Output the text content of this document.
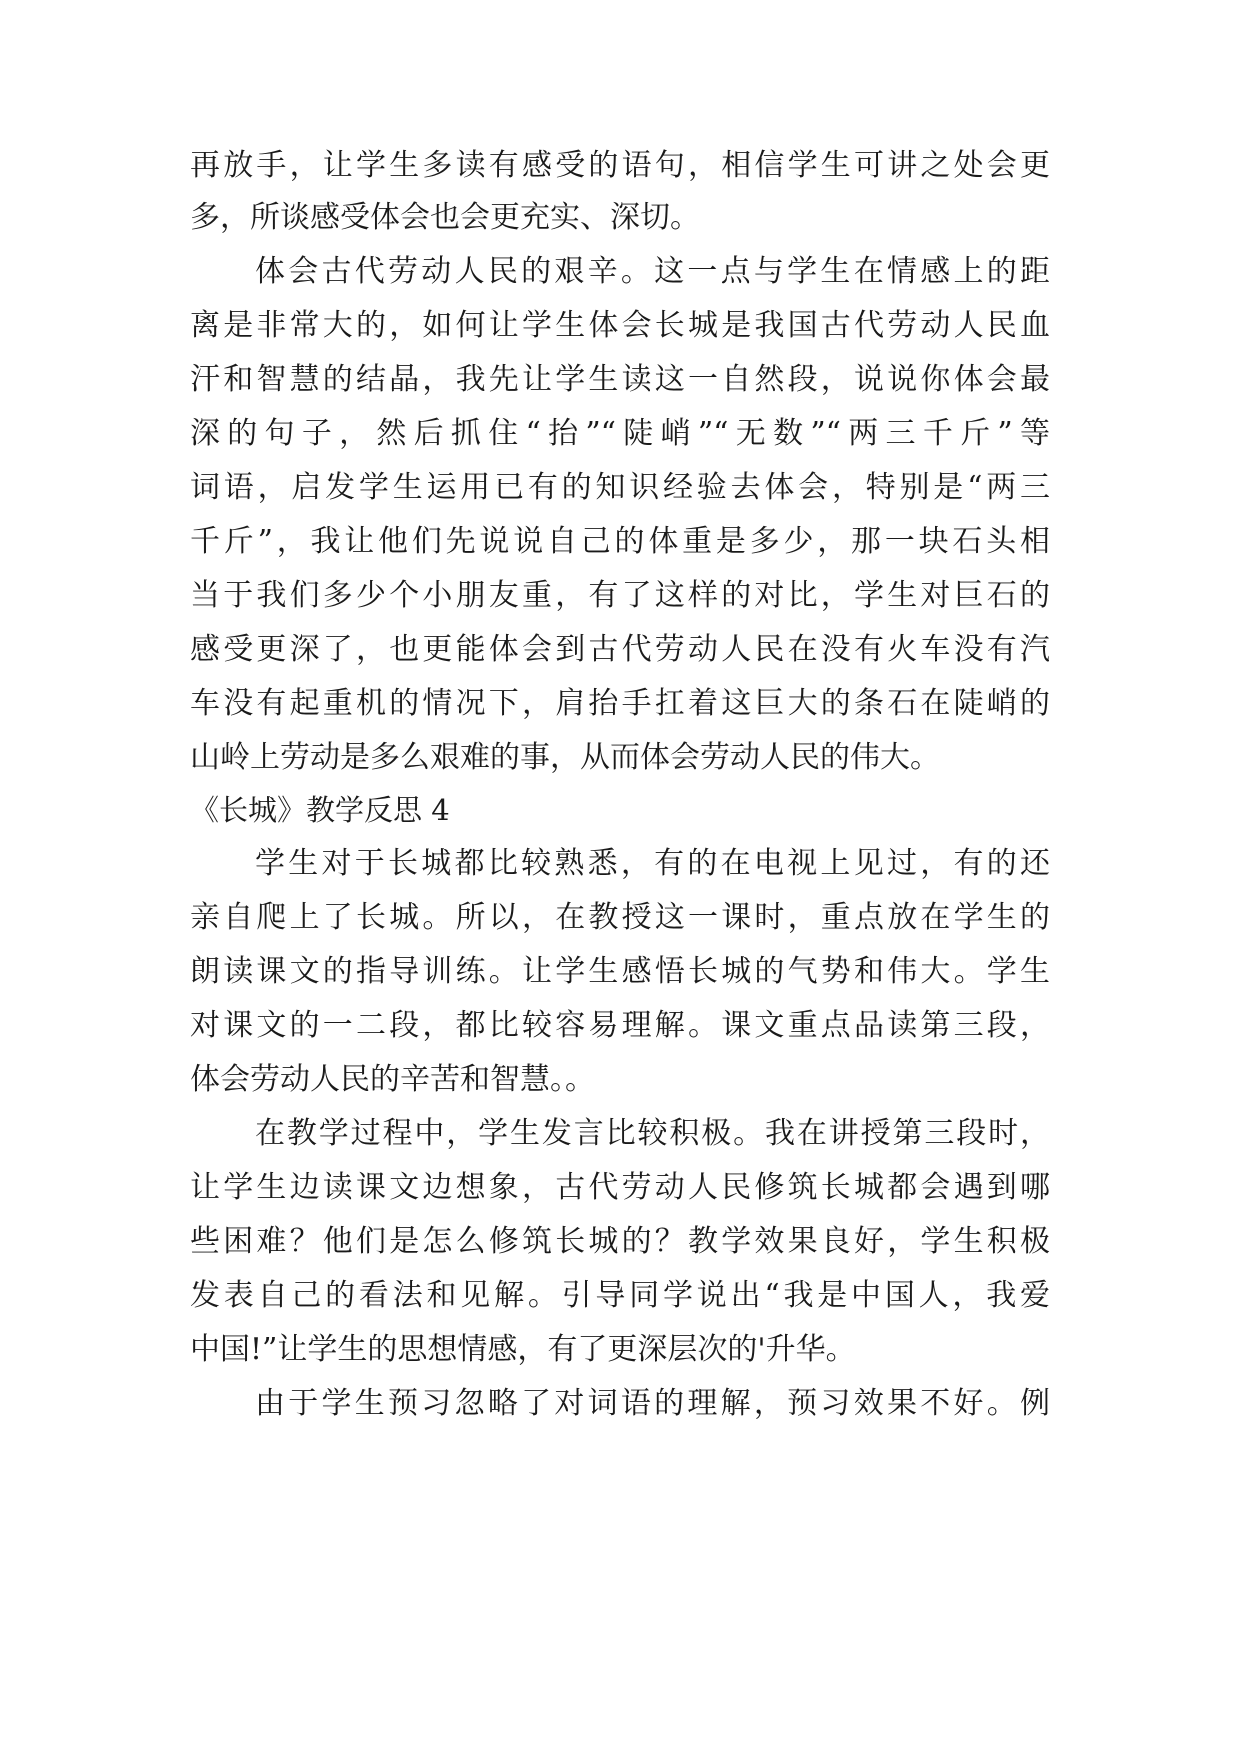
再放手，让学生多读有感受的语句，相信学生可讲之处会更
多，所谈感受体会也会更充实、深切。
体会古代劳动人民的艰辛。这一点与学生在情感上的距
离是非常大的，如何让学生体会长城是我国古代劳动人民血
汗和智慧的结晶，我先让学生读这一自然段，说说你体会最
深的句子，然后抓住“抬”“陡峭”“无数”“两三千斤”等
词语，启发学生运用已有的知识经验去体会，特别是“两三
千斤”，我让他们先说说自己的体重是多少，那一块石头相
当于我们多少个小朋友重，有了这样的对比，学生对巨石的
感受更深了，也更能体会到古代劳动人民在没有火车没有汽
车没有起重机的情况下，肩抬手扛着这巨大的条石在陡峭的
山岭上劳动是多么艰难的事，从而体会劳动人民的伟大。
《长城》教学反思 4
学生对于长城都比较熟悉，有的在电视上见过，有的还
亲自爬上了长城。所以，在教授这一课时，重点放在学生的
朗读课文的指导训练。让学生感悟长城的气势和伟大。学生
对课文的一二段，都比较容易理解。课文重点品读第三段，
体会劳动人民的辛苦和智慧。。
在教学过程中，学生发言比较积极。我在讲授第三段时，
让学生边读课文边想象，古代劳动人民修筑长城都会遇到哪
些困难？他们是怎么修筑长城的？教学效果良好，学生积极
发表自己的看法和见解。引导同学说出“我是中国人，我爱
中国!”让学生的思想情感，有了更深层次的'升华。
由于学生预习忽略了对词语的理解，预习效果不好。例
